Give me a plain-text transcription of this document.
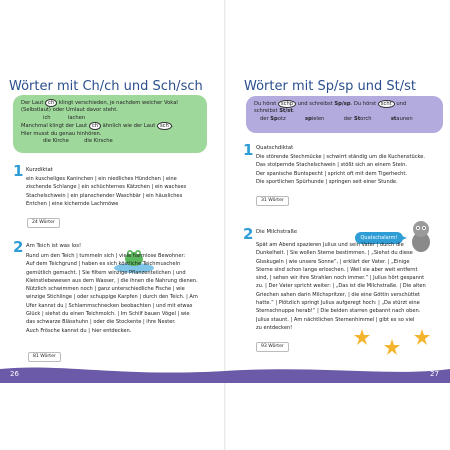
Wörter mit Ch/ch und Sch/sch
Der Laut ch klingt verschieden, je nachdem welcher Vokal
(Selbstlaut) oder Umlaut davor steht.
ich	lachen
Manchmal klingt der Laut ch ähnlich wie der Laut sch .
Hier musst du genau hinhören.
die Kirche	die Kirsche
1 Kurzdiktat
ein kuscheliges Kaninchen | ein niedliches Hündchen | eine
zischende Schlange | ein schüchternes Kätzchen | ein wachses
Stachelschwein | ein planschender Waschbär | ein häusliches
Entchen | eine kichernde Lachmöwe
24 Wörter
2 Am Teich ist was los!
Rund um den Teich | tummeln sich | viele harmlose Bewohner:
Auf dem Teichgrund | haben es sich köstliche Teichmuscheln
gemütlich gemacht. | Sie filtern winzige Pflanzenteilchen | und
Kleinstlebewesen aus dem Wasser, | die ihnen die Nahrung dienen.
Nützlich schwimmen noch | ganz unterschiedliche Fische | wie
winzige Stichlinge | oder schuppige Karpfen | durch den Teich. | Am
Ufer kannst du | Schlammschnecken beobachten | und mit etwas
Glück | siehst du einen Teichmolch. | Im Schilf bauen Vögel | wie
das schwarze Blässhuhn | oder die Stockente | ihre Nester.
Auch Frösche kannst du | hier entdecken.
81 Wörter
Wörter mit Sp/sp und St/st
Du hörst schp und schreibst Sp/sp. Du hörst scht und
schreibst St/st.
der Spotz	spielen	der Storch	staunen
1 Quatschdiktat
Die störende Stechmücke | schwirrt ständig um die Kuchenstücke.
Das stolpernde Stachelschwein | stößt sich an einem Stein.
Der spanische Buntspecht | spricht oft mit dem Tigerhecht.
Die sportlichen Spürhunde | springen seit einer Stunde.
31 Wörter
Quatschalarm!
2 Die Milchstraße
Spät am Abend spazieren Julius und sein Vater | durch die
Dunkelheit. | Sie wollen Sterne bestimmen. | „Siehst du diese
Glsskugeln | wie unsere Sonne“, | erklärt der Vater. | „Einige
Sterne sind schon lange erloschen. | Weil sie aber weit entfernt
sind, | sehen wir ihre Strahlen noch immer.“ | Julius hört gespannt
zu. | Der Vater spricht weiter: | „Das ist die Milchstraße. | Die alten
Griechen sahen darin Milchspritzer, | die eine Göttin verschüttet
hatte.“ | Plötzlich springt Julius aufgeregt hoch: | „Da stürzt eine
Sternschnuppe herab!“ | Die beiden starren gebannt nach oben.
Julius staunt. | Am nächtlichen Sternenhimmel | gibt es so viel
zu entdecken!
93 Wörter
26	27
